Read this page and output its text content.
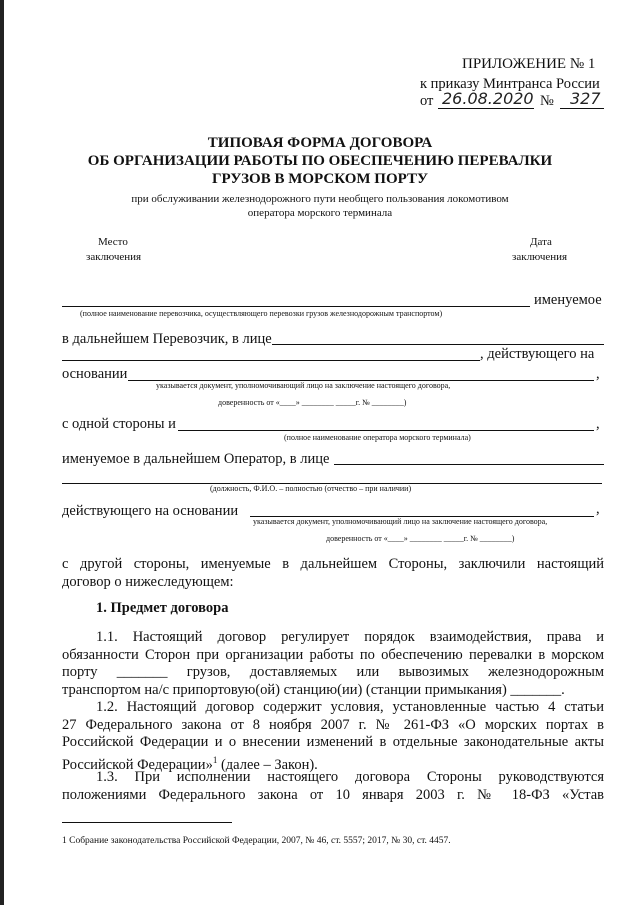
ПРИЛОЖЕНИЕ № 1
к приказу Минтранса России
от 26.08.2020 № 327
ТИПОВАЯ ФОРМА ДОГОВОРА
ОБ ОРГАНИЗАЦИИ РАБОТЫ ПО ОБЕСПЕЧЕНИЮ ПЕРЕВАЛКИ
ГРУЗОВ В МОРСКОМ ПОРТУ
при обслуживании железнодорожного пути необщего пользования локомотивом
оператора морского терминала
Место
заключения
Дата
заключения
именуемое
(полное наименование перевозчика, осуществляющего перевозки грузов железнодорожным транспортом)
в дальнейшем Перевозчик, в лице
, действующего на
основании	,
указывается документ, уполномочивающий лицо на заключение настоящего договора,
доверенность от «____» ________ _____г. № ________)
с одной стороны и	,
(полное наименование оператора морского терминала)
именуемое в дальнейшем Оператор, в лице
(должность, Ф.И.О. – полностью (отчество – при наличии)
действующего на основании	,
указывается документ, уполномочивающий лицо на заключение настоящего договора,
доверенность от «____» ________ _____г. № ________)
с другой стороны, именуемые в дальнейшем Стороны, заключили настоящий
договор о нижеследующем:
1. Предмет договора
1.1. Настоящий договор регулирует порядок взаимодействия, права и
обязанности Сторон при организации работы по обеспечению перевалки в морском
порту _______ грузов, доставляемых или вывозимых железнодорожным
транспортом на/с припортовую(ой) станцию(ии) (станции примыкания) _______.
1.2. Настоящий договор содержит условия, установленные частью 4 статьи
27 Федерального закона от 8 ноября 2007 г. № 261-ФЗ «О морских портах в
Российской Федерации и о внесении изменений в отдельные законодательные акты
Российской Федерации»$^1$ (далее – Закон).
1.3. При исполнении настоящего договора Стороны руководствуются
положениями Федерального закона от 10 января 2003 г. № 18-ФЗ «Устав
1 Собрание законодательства Российской Федерации, 2007, № 46, ст. 5557; 2017, № 30, ст. 4457.
